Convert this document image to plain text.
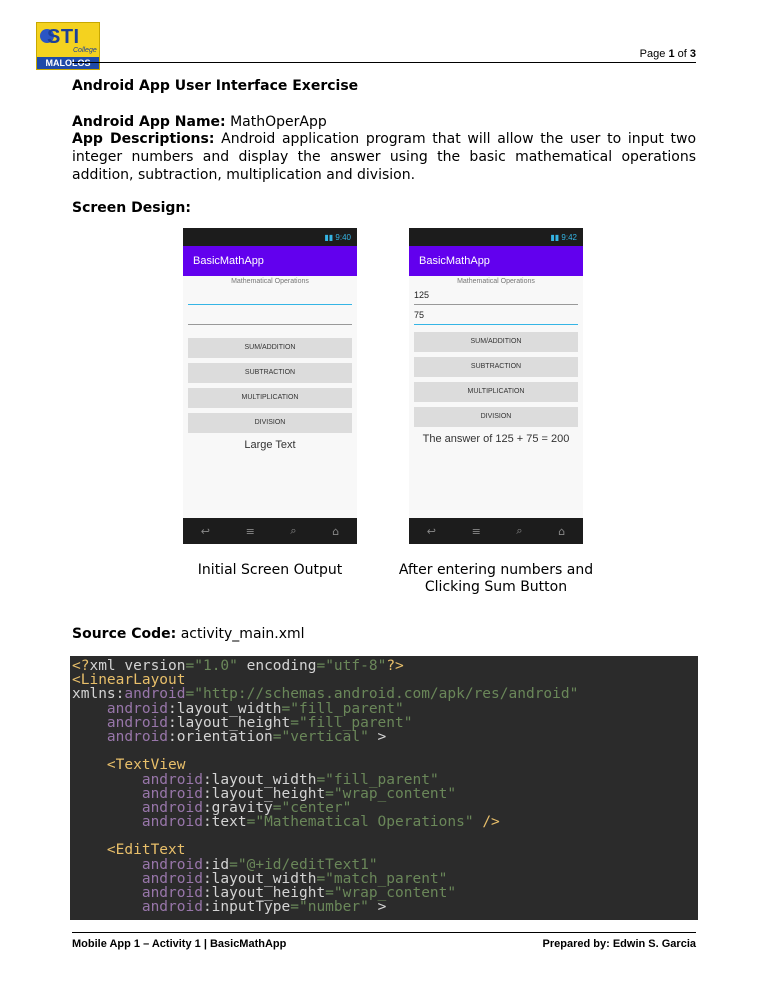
STI
College
MALOLOS
Page 1 of 3
Android App User Interface Exercise
Android App Name: MathOperApp
App Descriptions: Android application program that will allow the user to input two integer numbers and display the answer using the basic mathematical operations addition, subtraction, multiplication and division.
Screen Design:
▮▮ 9:40
BasicMathApp
Mathematical Operations
SUM/ADDITION
SUBTRACTION
MULTIPLICATION
DIVISION
Large Text
↩	≡	⌕	⌂
Initial Screen Output
▮▮ 9:42
BasicMathApp
Mathematical Operations
125
75
SUM/ADDITION
SUBTRACTION
MULTIPLICATION
DIVISION
The answer of 125 + 75 = 200
↩	≡	⌕	⌂
After entering numbers and Clicking Sum Button
Source Code: activity_main.xml
<?xml version="1.0" encoding="utf-8"?>
<LinearLayout
xmlns:android="http://schemas.android.com/apk/res/android"
android:layout_width="fill_parent"
android:layout_height="fill_parent"
android:orientation="vertical" >
<TextView
android:layout_width="fill_parent"
android:layout_height="wrap_content"
android:gravity="center"
android:text="Mathematical Operations" />
<EditText
android:id="@+id/editText1"
android:layout_width="match_parent"
android:layout_height="wrap_content"
android:inputType="number" >
Mobile App 1 – Activity 1 | BasicMathApp	Prepared by: Edwin S. Garcia
